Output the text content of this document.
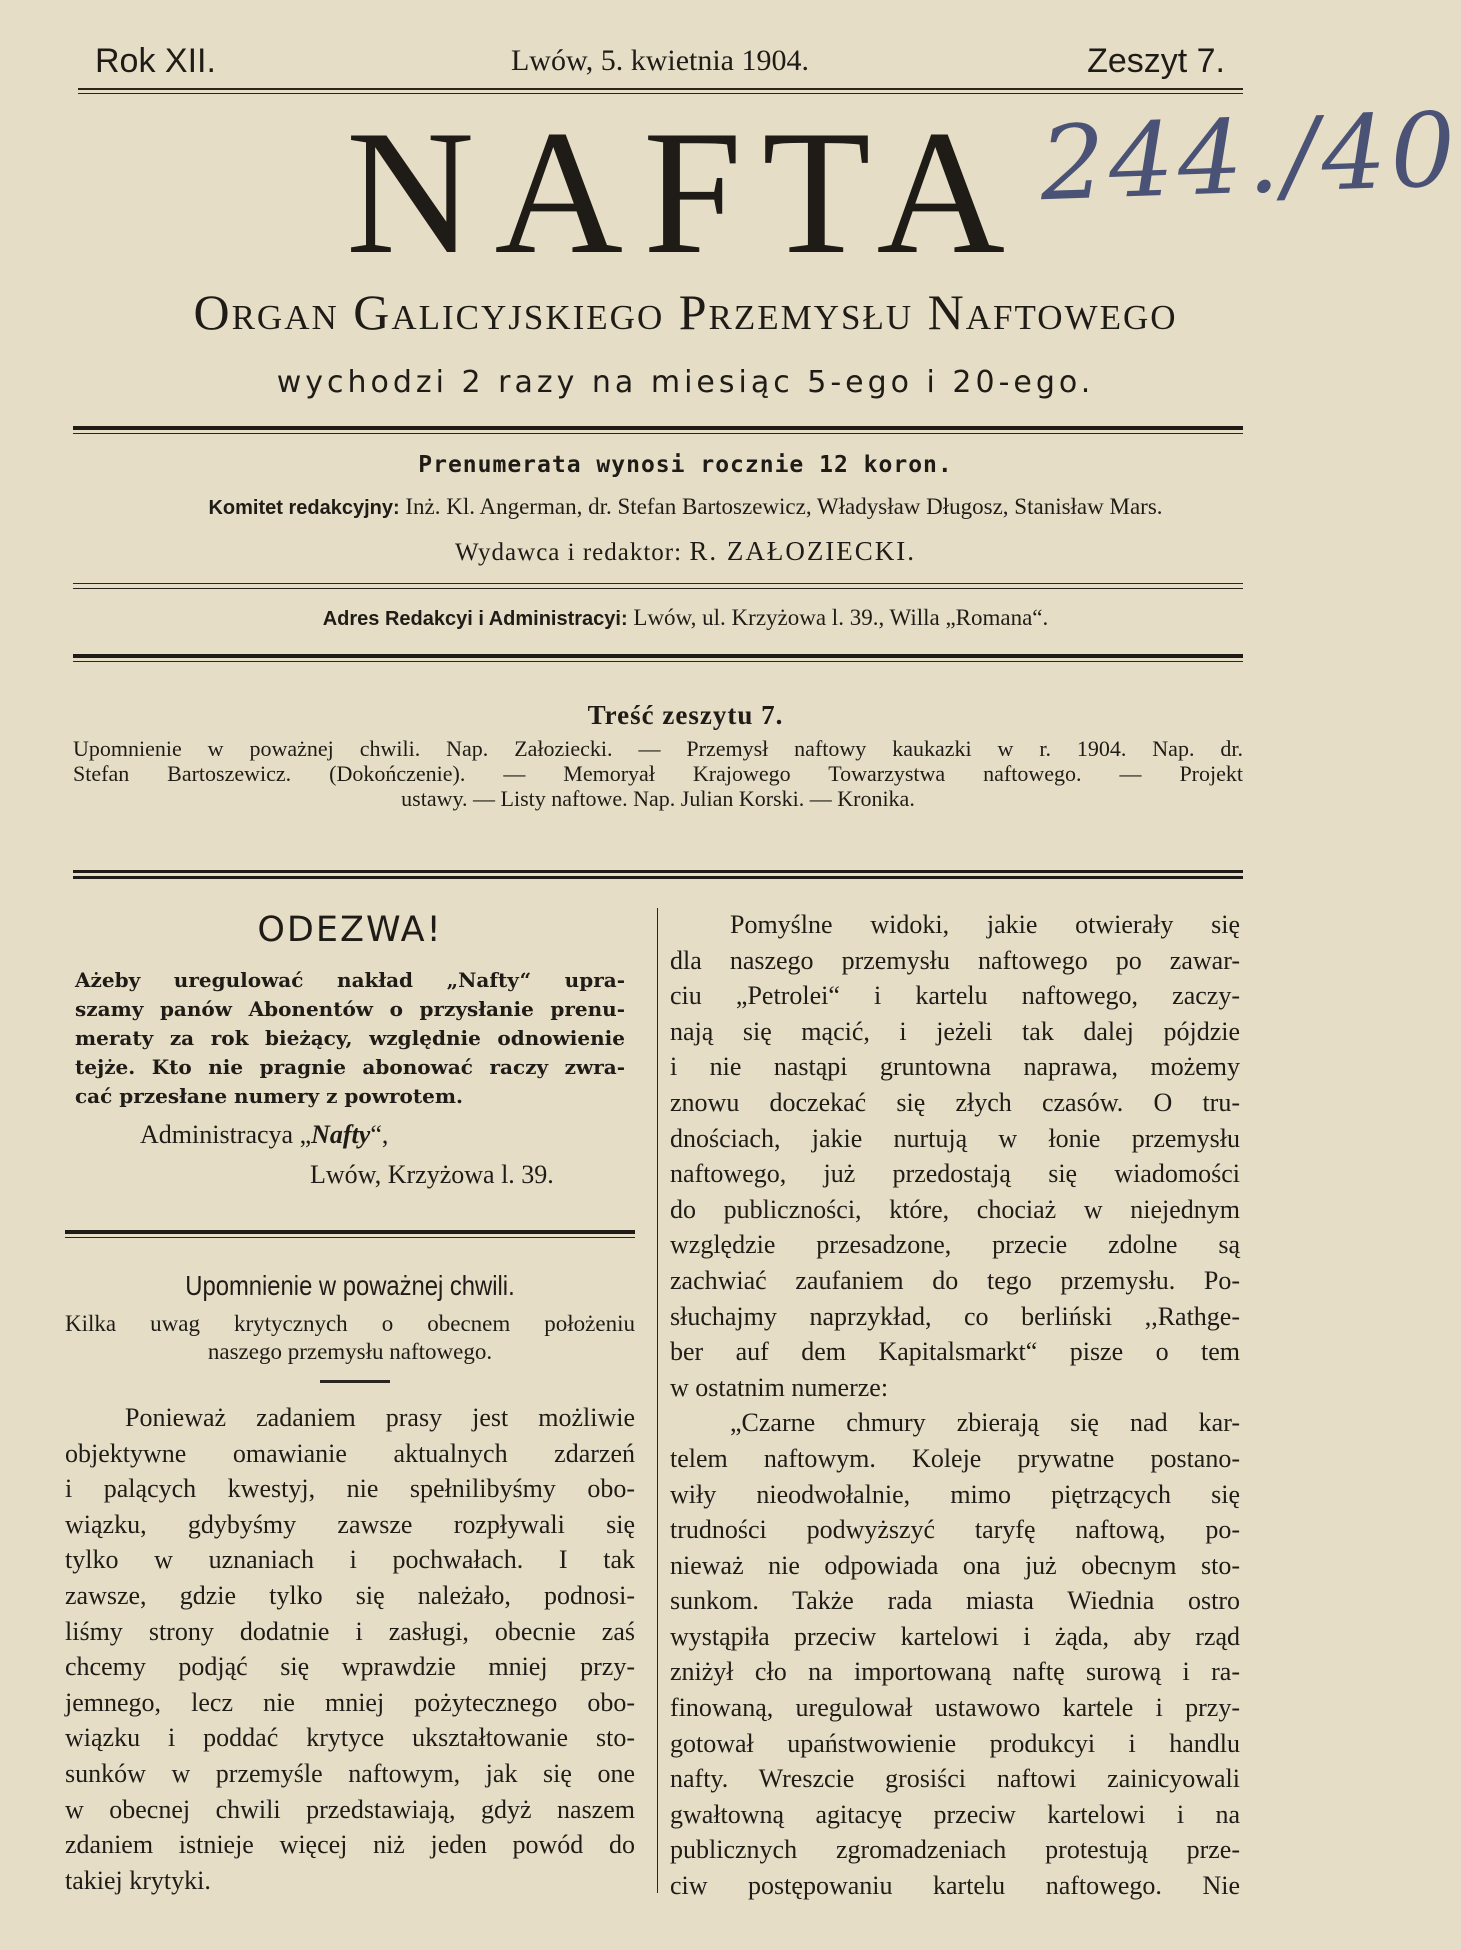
Rok XII.	Lwów, 5. kwietnia 1904.	Zeszyt 7.
NAFTA 244./40
Organ Galicyjskiego Przemysłu Naftowego
wychodzi 2 razy na miesiąc 5-ego i 20-ego.
Prenumerata wynosi rocznie 12 koron.
Komitet redakcyjny: Inż. Kl. Angerman, dr. Stefan Bartoszewicz, Władysław Długosz, Stanisław Mars.
Wydawca i redaktor: R. ZAŁOZIECKI.
Adres Redakcyi i Administracyi: Lwów, ul. Krzyżowa l. 39., Willa „Romana“.
Treść zeszytu 7.
Upomnienie w poważnej chwili. Nap. Załoziecki. — Przemysł naftowy kaukazki w r. 1904. Nap. dr.
Stefan Bartoszewicz. (Dokończenie). — Memoryał Krajowego Towarzystwa naftowego. — Projekt
ustawy. — Listy naftowe. Nap. Julian Korski. — Kronika.
ODEZWA!
Ażeby uregulować nakład „Nafty“ upra-
szamy panów Abonentów o przysłanie prenu-
meraty za rok bieżący, względnie odnowienie
tejże. Kto nie pragnie abonować raczy zwra-
cać przesłane numery z powrotem.
Administracya „Nafty“,
Lwów, Krzyżowa l. 39.
Upomnienie w poważnej chwili.
Kilka uwag krytycznych o obecnem położeniu
naszego przemysłu naftowego.
Ponieważ zadaniem prasy jest możliwie
objektywne omawianie aktualnych zdarzeń
i palących kwestyj, nie spełnilibyśmy obo-
wiązku, gdybyśmy zawsze rozpływali się
tylko w uznaniach i pochwałach. I tak
zawsze, gdzie tylko się należało, podnosi-
liśmy strony dodatnie i zasługi, obecnie zaś
chcemy podjąć się wprawdzie mniej przy-
jemnego, lecz nie mniej pożytecznego obo-
wiązku i poddać krytyce ukształtowanie sto-
sunków w przemyśle naftowym, jak się one
w obecnej chwili przedstawiają, gdyż naszem
zdaniem istnieje więcej niż jeden powód do
takiej krytyki.
Pomyślne widoki, jakie otwierały się
dla naszego przemysłu naftowego po zawar-
ciu „Petrolei“ i kartelu naftowego, zaczy-
nają się mącić, i jeżeli tak dalej pójdzie
i nie nastąpi gruntowna naprawa, możemy
znowu doczekać się złych czasów. O tru-
dnościach, jakie nurtują w łonie przemysłu
naftowego, już przedostają się wiadomości
do publiczności, które, chociaż w niejednym
względzie przesadzone, przecie zdolne są
zachwiać zaufaniem do tego przemysłu. Po-
słuchajmy naprzykład, co berliński ,,Rathge-
ber auf dem Kapitalsmarkt“ pisze o tem
w ostatnim numerze:
„Czarne chmury zbierają się nad kar-
telem naftowym. Koleje prywatne postano-
wiły nieodwołalnie, mimo piętrzących się
trudności podwyższyć taryfę naftową, po-
nieważ nie odpowiada ona już obecnym sto-
sunkom. Także rada miasta Wiednia ostro
wystąpiła przeciw kartelowi i żąda, aby rząd
zniżył cło na importowaną naftę surową i ra-
finowaną, uregulował ustawowo kartele i przy-
gotował upaństwowienie produkcyi i handlu
nafty. Wreszcie grosiści naftowi zainicyowali
gwałtowną agitacyę przeciw kartelowi i na
publicznych zgromadzeniach protestują prze-
ciw postępowaniu kartelu naftowego. Nie
